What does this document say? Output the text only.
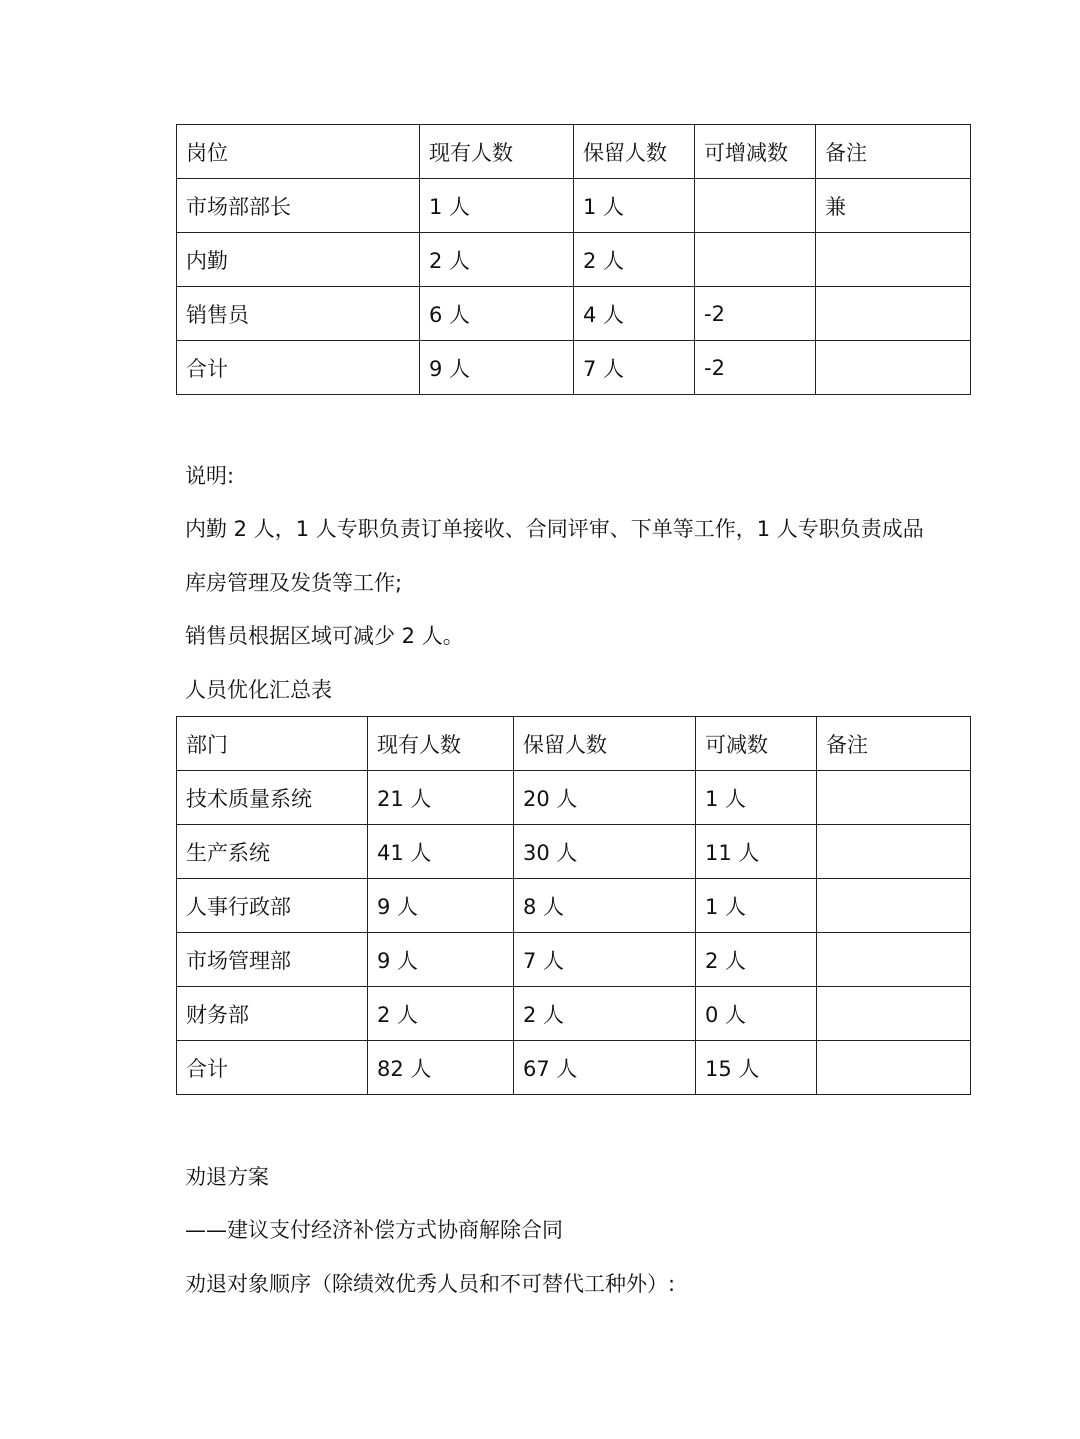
岗位	现有人数	保留人数	可增减数	备注
市场部部长	1 人	1 人		兼
内勤	2 人	2 人		
销售员	6 人	4 人	-2	
合计	9 人	7 人	-2	

说明:

内勤 2 人，1 人专职负责订单接收、合同评审、下单等工作，1 人专职负责成品

库房管理及发货等工作;

销售员根据区域可减少 2 人。

人员优化汇总表

部门	现有人数	保留人数	可减数	备注
技术质量系统	21 人	20 人	1 人	
生产系统	41 人	30 人	11 人	
人事行政部	9 人	8 人	1 人	
市场管理部	9 人	7 人	2 人	
财务部	2 人	2 人	0 人	
合计	82 人	67 人	15 人	

劝退方案

——建议支付经济补偿方式协商解除合同

劝退对象顺序（除绩效优秀人员和不可替代工种外）:
